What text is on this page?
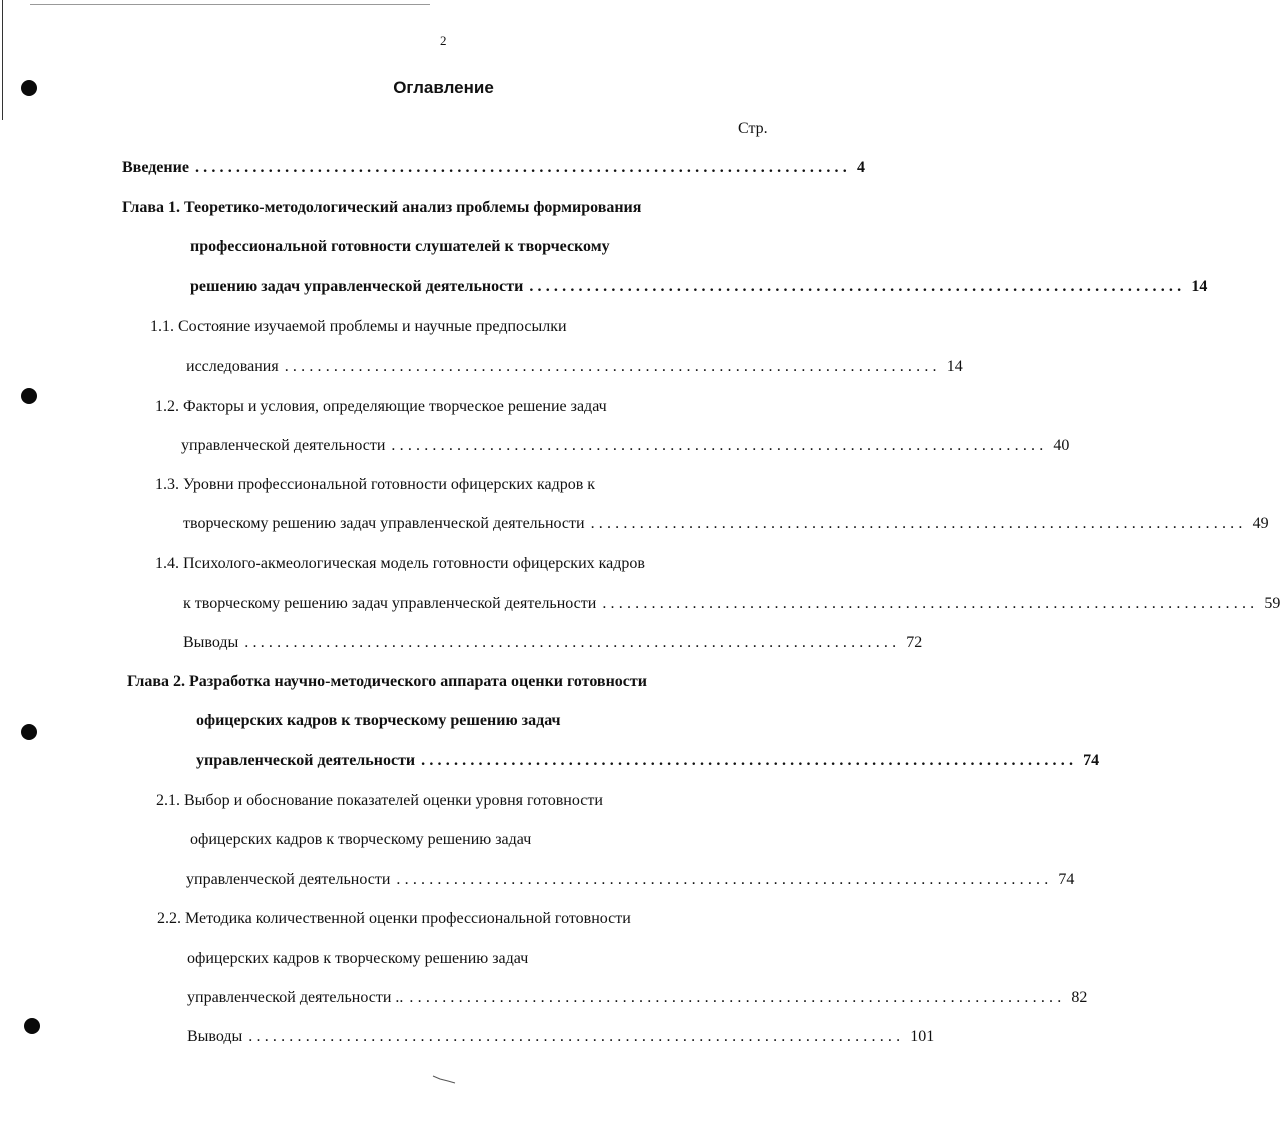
2
Оглавление
Стр.
Введение ................................................................................ 4
Глава 1. Теоретико-методологический анализ проблемы формирования
профессиональной готовности слушателей к творческому
решению задач управленческой деятельности ................................................................................ 14
1.1. Состояние изучаемой проблемы и научные предпосылки
исследования ................................................................................ 14
1.2. Факторы и условия, определяющие творческое решение задач
управленческой деятельности ................................................................................ 40
1.3. Уровни профессиональной готовности офицерских кадров к
творческому решению задач управленческой деятельности ................................................................................ 49
1.4. Психолого-акмеологическая модель готовности офицерских кадров
к творческому решению задач управленческой деятельности ................................................................................ 59
Выводы ................................................................................ 72
Глава 2. Разработка научно-методического аппарата оценки готовности
офицерских кадров к творческому решению задач
управленческой деятельности ................................................................................ 74
2.1. Выбор и обоснование показателей оценки уровня готовности
офицерских кадров к творческому решению задач
управленческой деятельности ................................................................................ 74
2.2. Методика количественной оценки профессиональной готовности
офицерских кадров к творческому решению задач
управленческой деятельности .. ................................................................................ 82
Выводы ................................................................................ 101
